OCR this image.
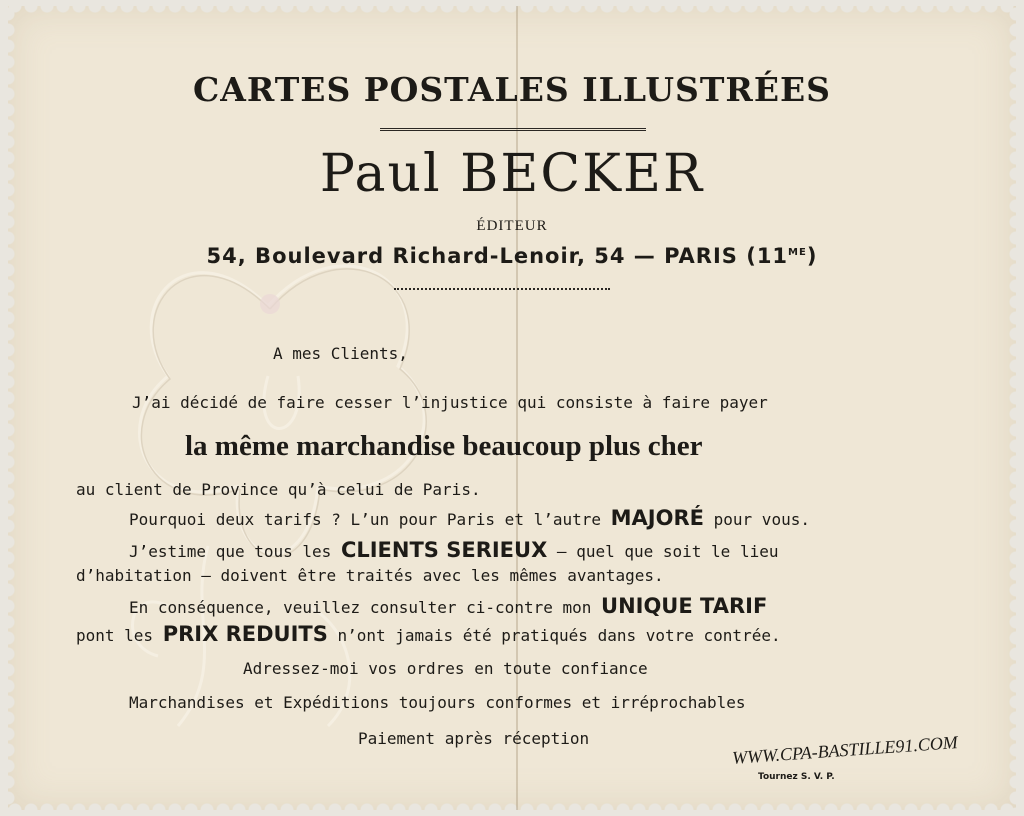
CARTES POSTALES ILLUSTRÉES
Paul BECKER
ÉDITEUR
54, Boulevard Richard-Lenoir, 54 — PARIS $(11^{ME})$
A mes Clients,
J’ai décidé de faire cesser l’injustice qui consiste à faire payer
la même marchandise beaucoup plus cher
au client de Province qu’à celui de Paris.
Pourquoi deux tarifs ? L’un pour Paris et l’autre MAJORÉ pour vous.
J’estime que tous les CLIENTS SERIEUX — quel que soit le lieu
d’habitation — doivent être traités avec les mêmes avantages.
En conséquence, veuillez consulter ci-contre mon UNIQUE TARIF
pont les PRIX REDUITS n’ont jamais été pratiqués dans votre contrée.
Adressez-moi vos ordres en toute confiance
Marchandises et Expéditions toujours conformes et irréprochables
Paiement après réception
Tournez S. V. P.
WWW.CPA-BASTILLE91.COM
